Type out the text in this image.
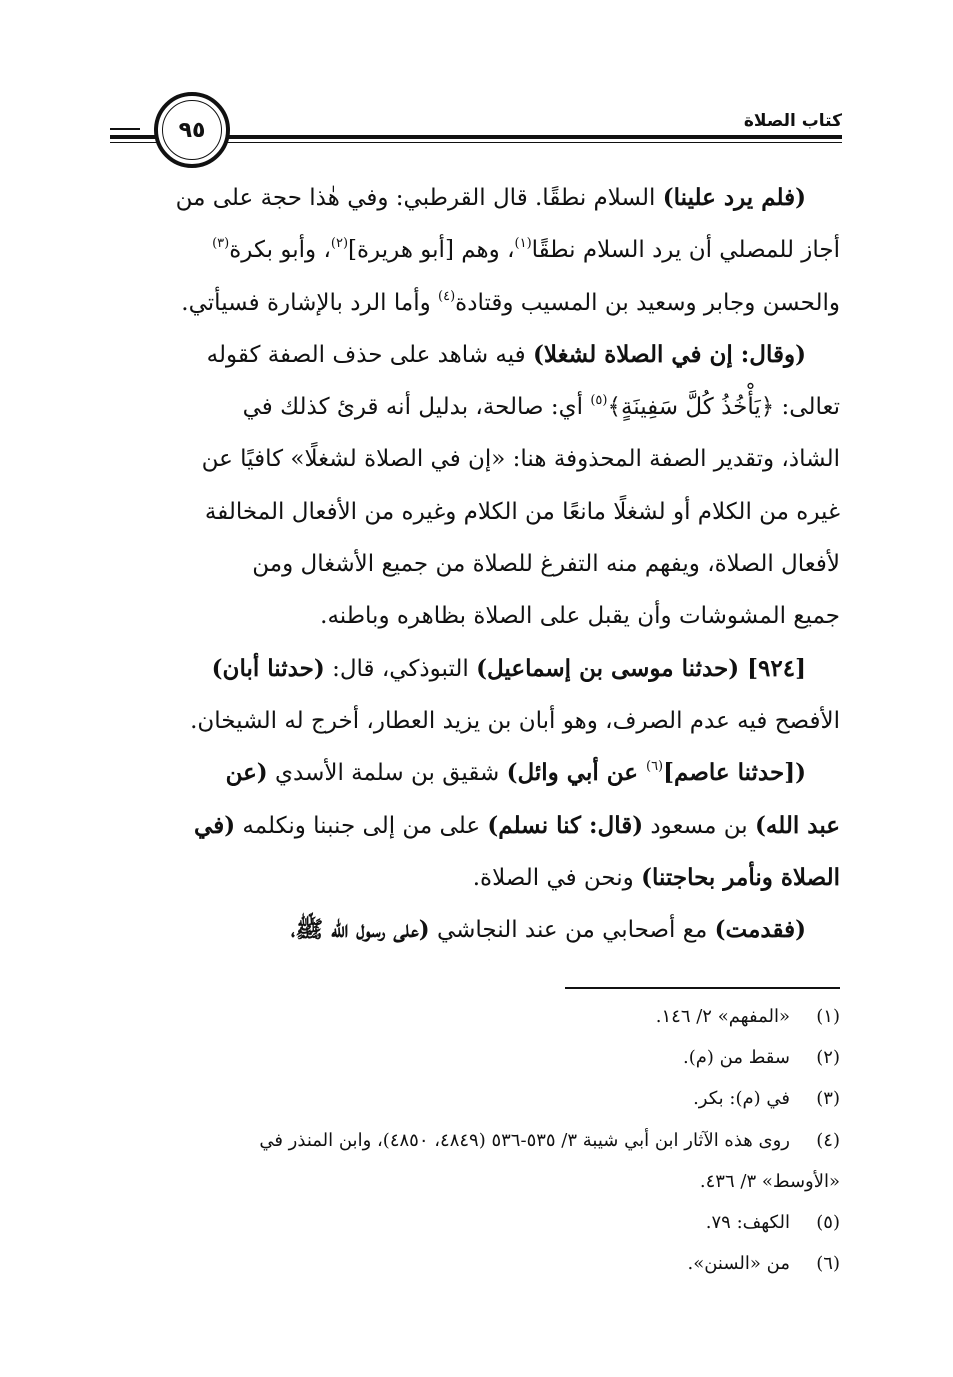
كتاب الصلاة
٩٥

(فلم يرد علينا) السلام نطقًا. قال القرطبي: وفي هٰذا حجة على من
أجاز للمصلي أن يرد السلام نطقًا$^{(١)}$، وهم [أبو هريرة]$^{(٢)}$، وأبو بكرة$^{(٣)}$
والحسن وجابر وسعيد بن المسيب وقتادة$^{(٤)}$ وأما الرد بالإشارة فسيأتي.

(وقال: إن في الصلاة لشغلا) فيه شاهد على حذف الصفة كقوله
تعالى: ﴿يَأْخُذُ كُلَّ سَفِينَةٍ﴾$^{(٥)}$ أي: صالحة، بدليل أنه قرئ كذلك في
الشاذ، وتقدير الصفة المحذوفة هنا: «إن في الصلاة لشغلًا» كافيًا عن
غيره من الكلام أو لشغلًا مانعًا من الكلام وغيره من الأفعال المخالفة
لأفعال الصلاة، ويفهم منه التفرغ للصلاة من جميع الأشغال ومن
جميع المشوشات وأن يقبل على الصلاة بظاهره وباطنه.

[٩٢٤] (حدثنا موسى بن إسماعيل) التبوذكي، قال: (حدثنا أبان)
الأفصح فيه عدم الصرف، وهو أبان بن يزيد العطار، أخرج له الشيخان.

([حدثنا عاصم]$^{(٦)}$ عن أبي وائل) شقيق بن سلمة الأسدي (عن
عبد الله) بن مسعود (قال: كنا نسلم) على من إلى جنبنا ونكلمه (في
الصلاة ونأمر بحاجتنا) ونحن في الصلاة.

(فقدمت) مع أصحابي من عند النجاشي (على رسول الله ﷺ،

(١)
«المفهم» ٢/ ١٤٦.
(٢)
سقط من (م).
(٣)
في (م): بكر.
(٤)
روى هذه الآثار ابن أبي شيبة ٣/ ٥٣٥-٥٣٦ (٤٨٤٩، ٤٨٥٠)، وابن المنذر في
«الأوسط» ٣/ ٤٣٦.
(٥)
الكهف: ٧٩.
(٦)
من «السنن».
